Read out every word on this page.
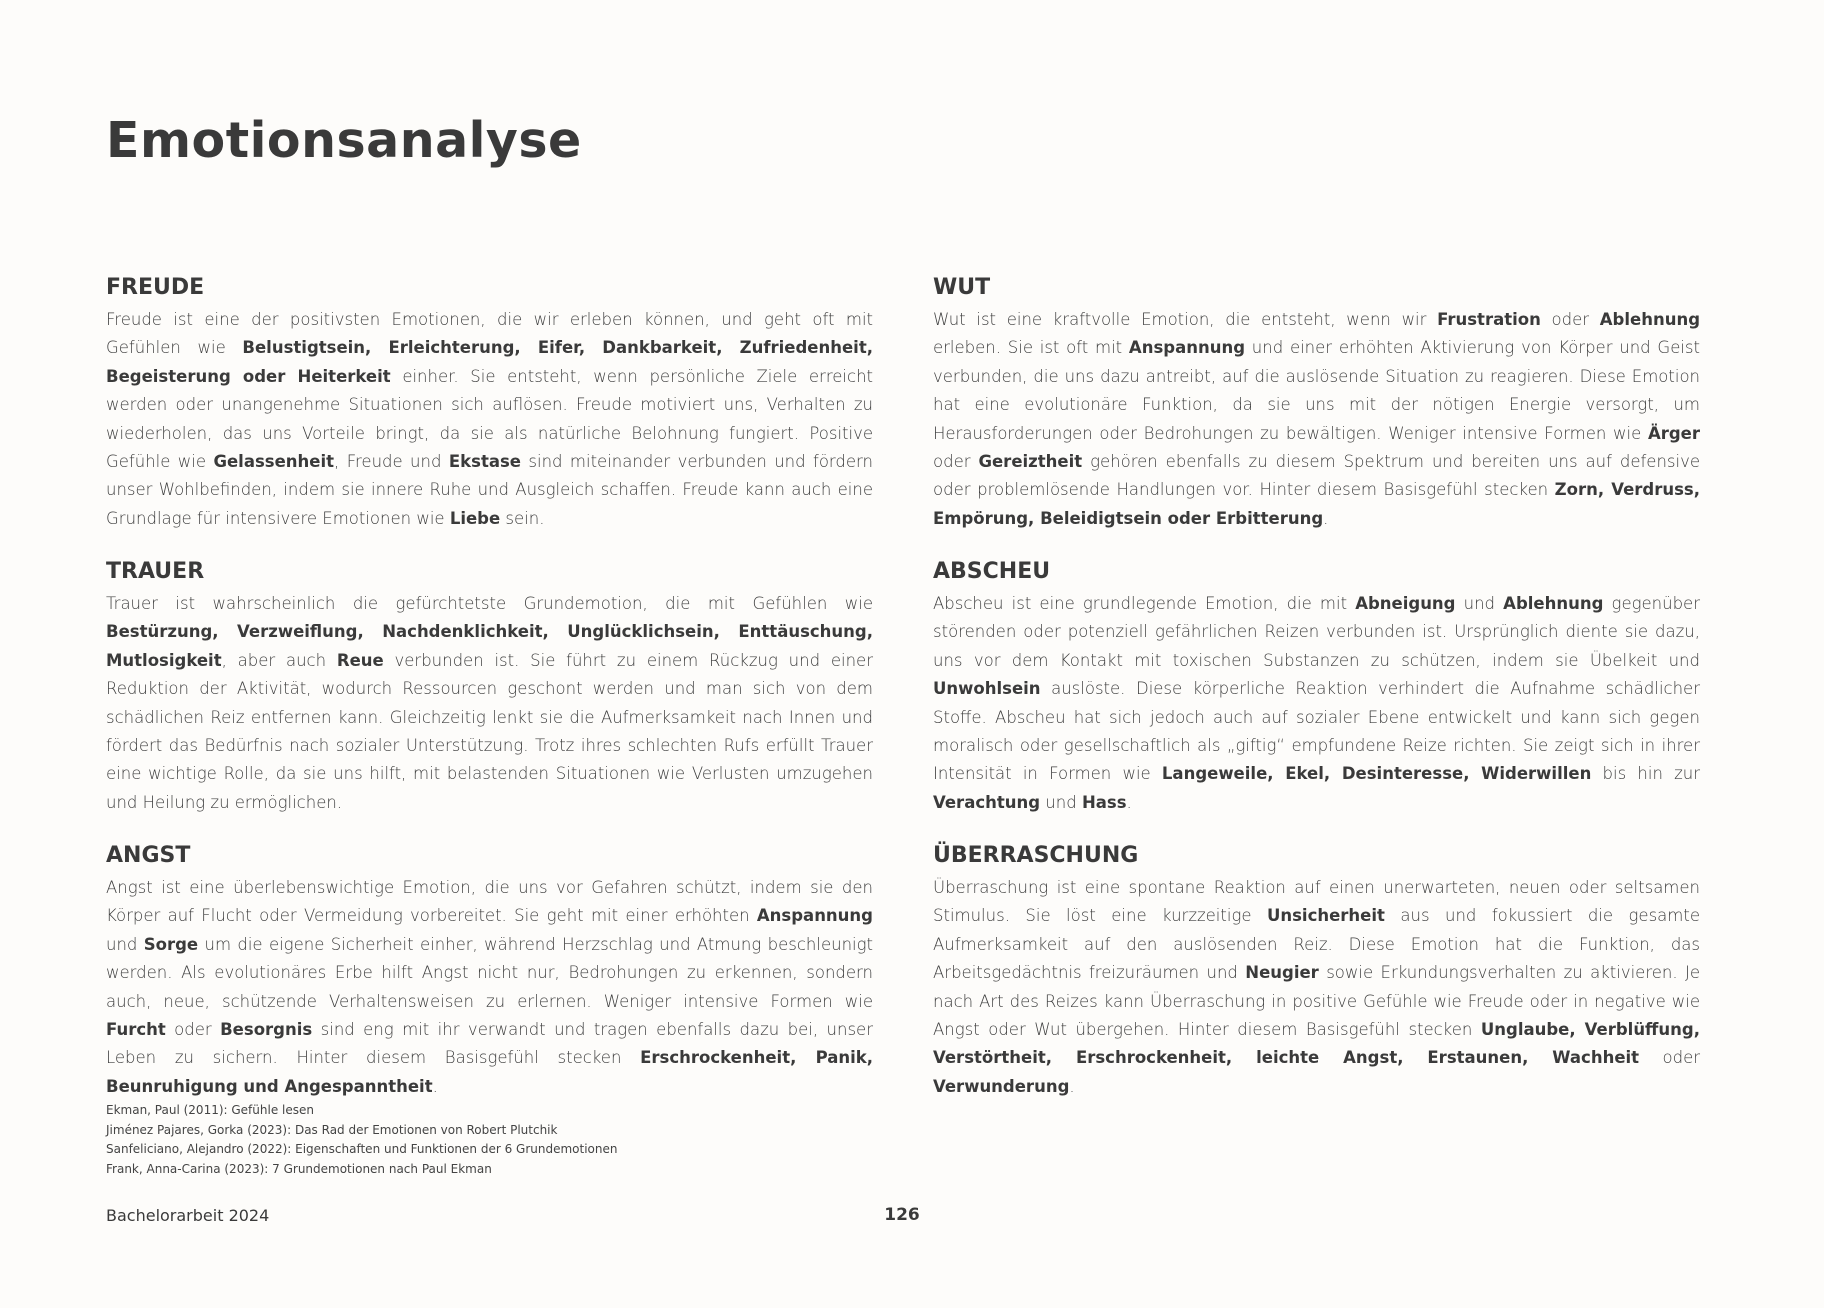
Emotionsanalyse
FREUDE

Freude ist eine der positivsten Emotionen, die wir erleben können, und geht oft mit Gefühlen wie Belustigtsein, Erleichterung, Eifer, Dankbarkeit, Zufriedenheit, Begeisterung oder Heiterkeit einher. Sie entsteht, wenn persönliche Ziele erreicht werden oder unangenehme Situationen sich auflösen. Freude motiviert uns, Verhalten zu wiederholen, das uns Vorteile bringt, da sie als natürliche Belohnung fungiert. Positive Gefühle wie Gelassenheit, Freude und Ekstase sind miteinander verbunden und fördern unser Wohlbefinden, indem sie innere Ruhe und Ausgleich schaffen. Freude kann auch eine Grundlage für intensivere Emotionen wie Liebe sein.

WUT

Wut ist eine kraftvolle Emotion, die entsteht, wenn wir Frustration oder Ablehnung erleben. Sie ist oft mit Anspannung und einer erhöhten Aktivierung von Körper und Geist verbunden, die uns dazu antreibt, auf die auslösende Situation zu reagieren. Diese Emotion hat eine evolutionäre Funktion, da sie uns mit der nötigen Energie versorgt, um Herausforderungen oder Bedrohungen zu bewältigen. Weniger intensive Formen wie Ärger oder Gereiztheit gehören ebenfalls zu diesem Spektrum und bereiten uns auf defensive oder problemlösende Handlungen vor. Hinter diesem Basisgefühl stecken Zorn, Verdruss, Empörung, Beleidigtsein oder Erbitterung.

TRAUER

Trauer ist wahrscheinlich die gefürchtetste Grundemotion, die mit Gefühlen wie Bestürzung, Verzweiflung, Nachdenklichkeit, Unglücklichsein, Enttäuschung, Mutlosigkeit, aber auch Reue verbunden ist. Sie führt zu einem Rückzug und einer Reduktion der Aktivität, wodurch Ressourcen geschont werden und man sich von dem schädlichen Reiz entfernen kann. Gleichzeitig lenkt sie die Aufmerksamkeit nach Innen und fördert das Bedürfnis nach sozialer Unterstützung. Trotz ihres schlechten Rufs erfüllt Trauer eine wichtige Rolle, da sie uns hilft, mit belastenden Situationen wie Verlusten umzugehen und Heilung zu ermöglichen.

ABSCHEU

Abscheu ist eine grundlegende Emotion, die mit Abneigung und Ablehnung gegenüber störenden oder potenziell gefährlichen Reizen verbunden ist. Ursprünglich diente sie dazu, uns vor dem Kontakt mit toxischen Substanzen zu schützen, indem sie Übelkeit und Unwohlsein auslöste. Diese körperliche Reaktion verhindert die Aufnahme schädlicher Stoffe. Abscheu hat sich jedoch auch auf sozialer Ebene entwickelt und kann sich gegen moralisch oder gesellschaftlich als „giftig“ empfundene Reize richten. Sie zeigt sich in ihrer Intensität in Formen wie Langeweile, Ekel, Desinteresse, Widerwillen bis hin zur Verachtung und Hass.

ANGST

Angst ist eine überlebenswichtige Emotion, die uns vor Gefahren schützt, indem sie den Körper auf Flucht oder Vermeidung vorbereitet. Sie geht mit einer erhöhten Anspannung und Sorge um die eigene Sicherheit einher, während Herzschlag und Atmung beschleunigt werden. Als evolutionäres Erbe hilft Angst nicht nur, Bedrohungen zu erkennen, sondern auch, neue, schützende Verhaltensweisen zu erlernen. Weniger intensive Formen wie Furcht oder Besorgnis sind eng mit ihr verwandt und tragen ebenfalls dazu bei, unser Leben zu sichern. Hinter diesem Basisgefühl stecken Erschrockenheit, Panik, Beunruhigung und Angespanntheit.

ÜBERRASCHUNG

Überraschung ist eine spontane Reaktion auf einen unerwarteten, neuen oder seltsamen Stimulus. Sie löst eine kurzzeitige Unsicherheit aus und fokussiert die gesamte Aufmerksamkeit auf den auslösenden Reiz. Diese Emotion hat die Funktion, das Arbeitsgedächtnis freizuräumen und Neugier sowie Erkundungsverhalten zu aktivieren. Je nach Art des Reizes kann Überraschung in positive Gefühle wie Freude oder in negative wie Angst oder Wut übergehen. Hinter diesem Basisgefühl stecken Unglaube, Verblüffung, Verstörtheit, Erschrockenheit, leichte Angst, Erstaunen, Wachheit oder Verwunderung.

Ekman, Paul (2011): Gefühle lesen
Jiménez Pajares, Gorka (2023): Das Rad der Emotionen von Robert Plutchik
Sanfeliciano, Alejandro (2022): Eigenschaften und Funktionen der 6 Grundemotionen
Frank, Anna-Carina (2023): 7 Grundemotionen nach Paul Ekman
Bachelorarbeit 2024	126
